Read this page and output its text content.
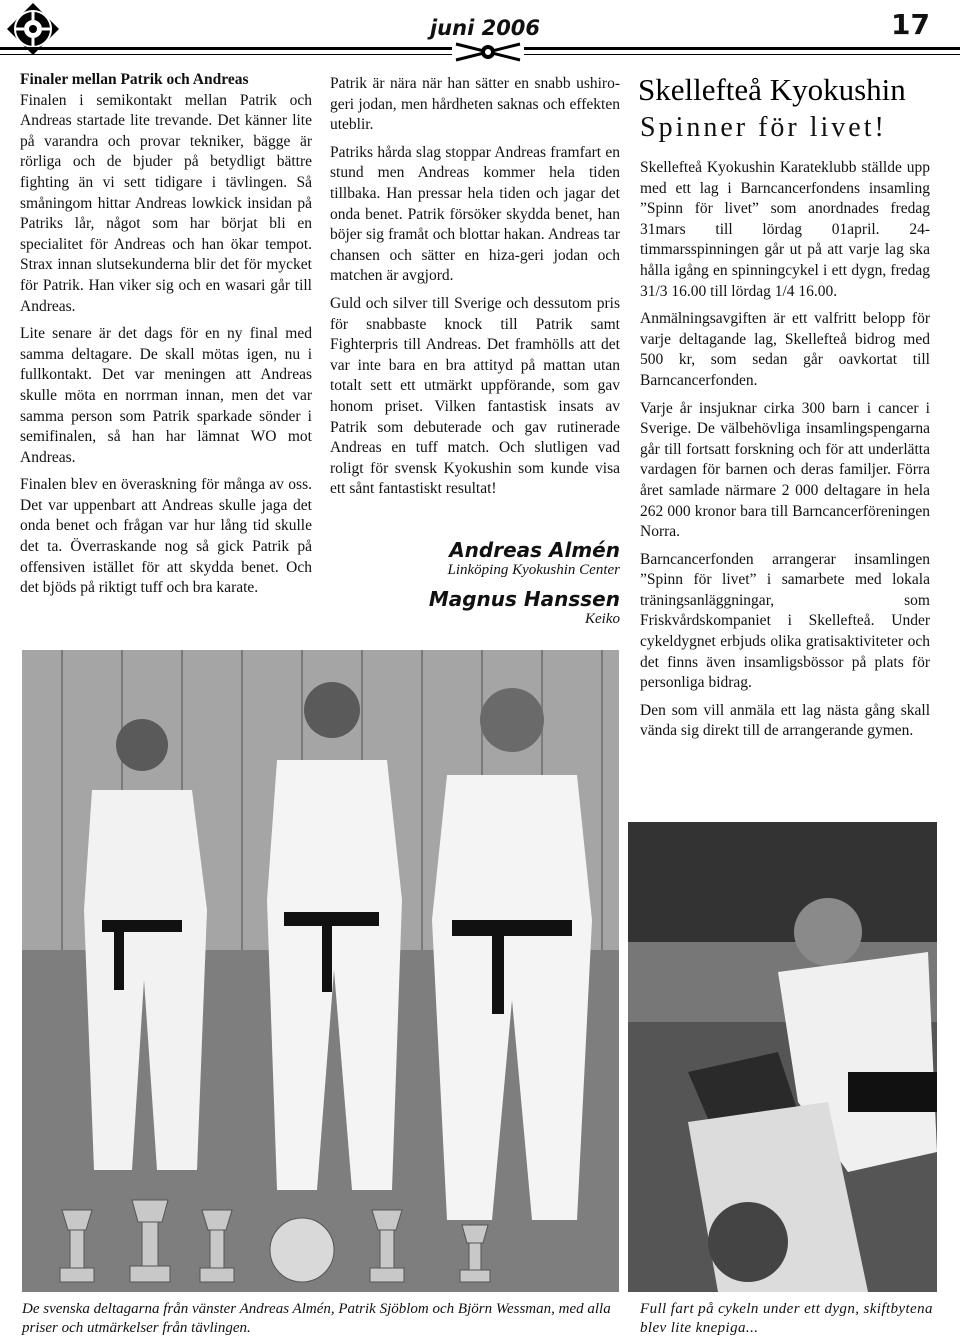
juni 2006	17
Finaler mellan Patrik och Andreas

Finalen i semikontakt mellan Patrik och Andreas startade lite trevande. Det känner lite på varandra och provar tekniker, bägge är rörliga och de bjuder på betydligt bättre fighting än vi sett tidigare i tävlingen. Så småningom hittar Andreas lowkick insidan på Patriks lår, något som har börjat bli en specialitet för Andreas och han ökar tempot. Strax innan slutsekunderna blir det för mycket för Patrik. Han viker sig och en wasari går till Andreas.

Lite senare är det dags för en ny final med samma deltagare. De skall mötas igen, nu i fullkontakt. Det var meningen att Andreas skulle möta en norrman innan, men det var samma person som Patrik sparkade sönder i semifinalen, så han har lämnat WO mot Andreas.

Finalen blev en överaskning för många av oss. Det var uppenbart att Andreas skulle jaga det onda benet och frågan var hur lång tid skulle det ta. Överraskande nog så gick Patrik på offensiven istället för att skydda benet. Och det bjöds på riktigt tuff och bra karate.

Patrik är nära när han sätter en snabb ushiro-geri jodan, men hårdheten saknas och effekten uteblir.

Patriks hårda slag stoppar Andreas framfart en stund men Andreas kommer hela tiden tillbaka. Han pressar hela tiden och jagar det onda benet. Patrik försöker skydda benet, han böjer sig framåt och blottar hakan. Andreas tar chansen och sätter en hiza-geri jodan och matchen är avgjord.

Guld och silver till Sverige och dessutom pris för snabbaste knock till Patrik samt Fighterpris till Andreas. Det framhölls att det var inte bara en bra attityd på mattan utan totalt sett ett utmärkt uppförande, som gav honom priset. Vilken fantastisk insats av Patrik som debuterade och gav rutinerade Andreas en tuff match. Och slutligen vad roligt för svensk Kyokushin som kunde visa ett sånt fantastiskt resultat!

Andreas Almén

Linköping Kyokushin Center

Magnus Hanssen

Keiko

Skellefteå Kyokushin
Spinner för livet!

Skellefteå Kyokushin Karateklubb ställde upp med ett lag i Barncancerfondens insamling ”Spinn för livet” som anordnades fredag 31mars till lördag 01april. 24-timmarsspinningen går ut på att varje lag ska hålla igång en spinningcykel i ett dygn, fredag 31/3 16.00 till lördag 1/4 16.00.

Anmälningsavgiften är ett valfritt belopp för varje deltagande lag, Skellefteå bidrog med 500 kr, som sedan går oavkortat till Barncancerfonden.

Varje år insjuknar cirka 300 barn i cancer i Sverige. De välbehövliga insamlingspengarna går till fortsatt forskning och för att underlätta vardagen för barnen och deras familjer. Förra året samlade närmare 2 000 deltagare in hela 262 000 kronor bara till Barncancerföreningen Norra.

Barncancerfonden arrangerar insamlingen ”Spinn för livet” i samarbete med lokala träningsanläggningar, som Friskvårdskompaniet i Skellefteå. Under cykeldygnet erbjuds olika gratisaktiviteter och det finns även insamligsbössor på plats för personliga bidrag.

Den som vill anmäla ett lag nästa gång skall vända sig direkt till de arrangerande gymen.

De svenska deltagarna från vänster Andreas Almén, Patrik Sjöblom och Björn Wessman, med alla priser och utmärkelser från tävlingen.
Full fart på cykeln under ett dygn, skiftbytena blev lite knepiga...
